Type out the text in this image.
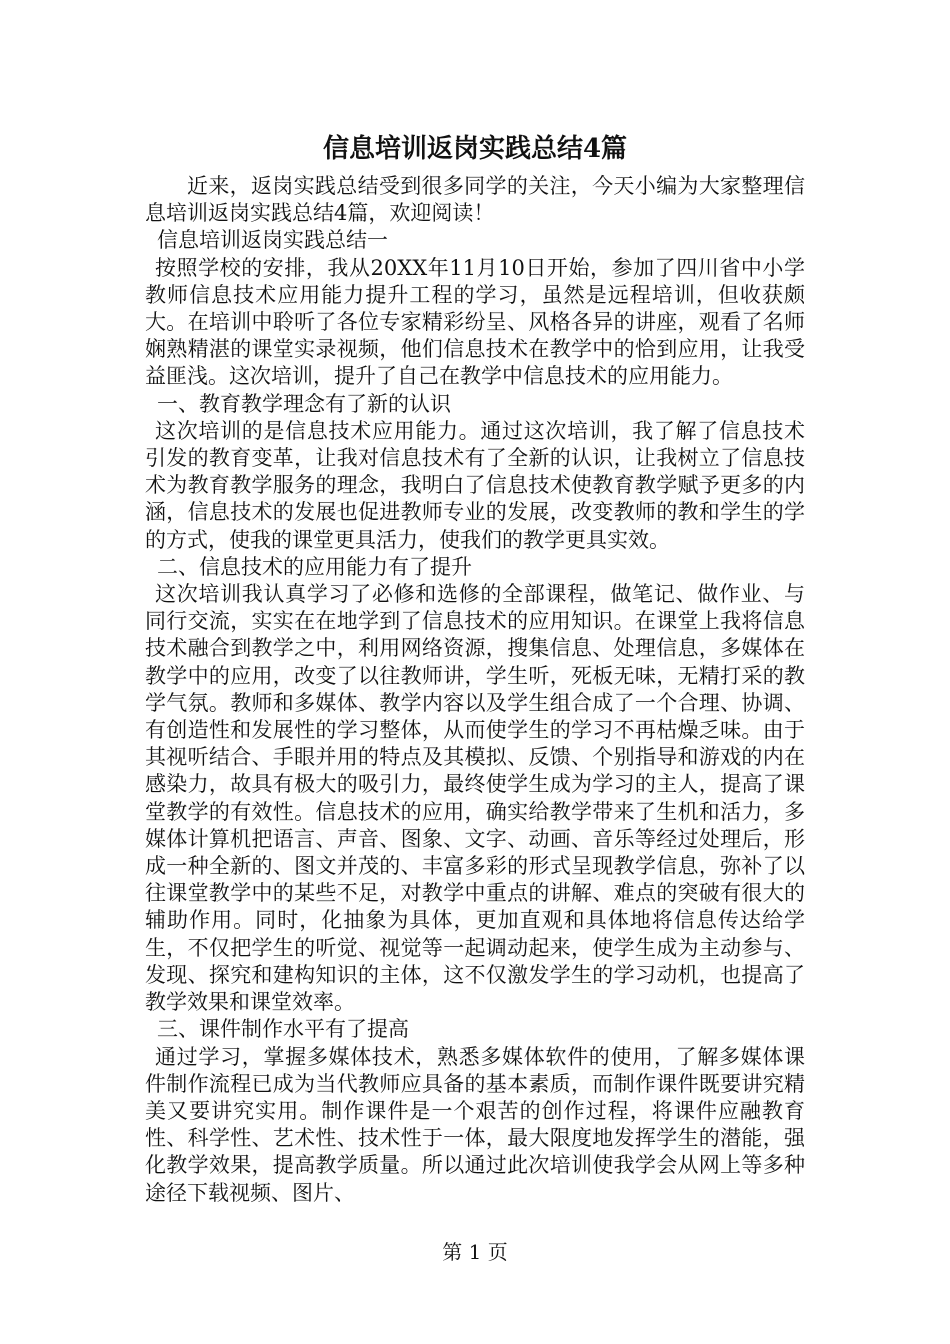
信息培训返岗实践总结4篇

近来，返岗实践总结受到很多同学的关注，今天小编为大家整理信息培训返岗实践总结4篇，欢迎阅读！

信息培训返岗实践总结一

按照学校的安排，我从20XX年11月10日开始，参加了四川省中小学教师信息技术应用能力提升工程的学习，虽然是远程培训，但收获颇大。在培训中聆听了各位专家精彩纷呈、风格各异的讲座，观看了名师娴熟精湛的课堂实录视频，他们信息技术在教学中的恰到应用，让我受益匪浅。这次培训，提升了自己在教学中信息技术的应用能力。

一、教育教学理念有了新的认识

这次培训的是信息技术应用能力。通过这次培训，我了解了信息技术引发的教育变革，让我对信息技术有了全新的认识，让我树立了信息技术为教育教学服务的理念，我明白了信息技术使教育教学赋予更多的内涵，信息技术的发展也促进教师专业的发展，改变教师的教和学生的学的方式，使我的课堂更具活力，使我们的教学更具实效。

二、信息技术的应用能力有了提升

这次培训我认真学习了必修和选修的全部课程，做笔记、做作业、与同行交流，实实在在地学到了信息技术的应用知识。在课堂上我将信息技术融合到教学之中，利用网络资源，搜集信息、处理信息，多媒体在教学中的应用，改变了以往教师讲，学生听，死板无味，无精打采的教学气氛。教师和多媒体、教学内容以及学生组合成了一个合理、协调、有创造性和发展性的学习整体，从而使学生的学习不再枯燥乏味。由于其视听结合、手眼并用的特点及其模拟、反馈、个别指导和游戏的内在感染力，故具有极大的吸引力，最终使学生成为学习的主人，提高了课堂教学的有效性。信息技术的应用，确实给教学带来了生机和活力，多媒体计算机把语言、声音、图象、文字、动画、音乐等经过处理后，形成一种全新的、图文并茂的、丰富多彩的形式呈现教学信息，弥补了以往课堂教学中的某些不足，对教学中重点的讲解、难点的突破有很大的辅助作用。同时，化抽象为具体，更加直观和具体地将信息传达给学生，不仅把学生的听觉、视觉等一起调动起来，使学生成为主动参与、发现、探究和建构知识的主体，这不仅激发学生的学习动机，也提高了教学效果和课堂效率。

三、课件制作水平有了提高

通过学习，掌握多媒体技术，熟悉多媒体软件的使用，了解多媒体课件制作流程已成为当代教师应具备的基本素质，而制作课件既要讲究精美又要讲究实用。制作课件是一个艰苦的创作过程，将课件应融教育性、科学性、艺术性、技术性于一体，最大限度地发挥学生的潜能，强化教学效果，提高教学质量。所以通过此次培训使我学会从网上等多种途径下载视频、图片、

第 1 页
